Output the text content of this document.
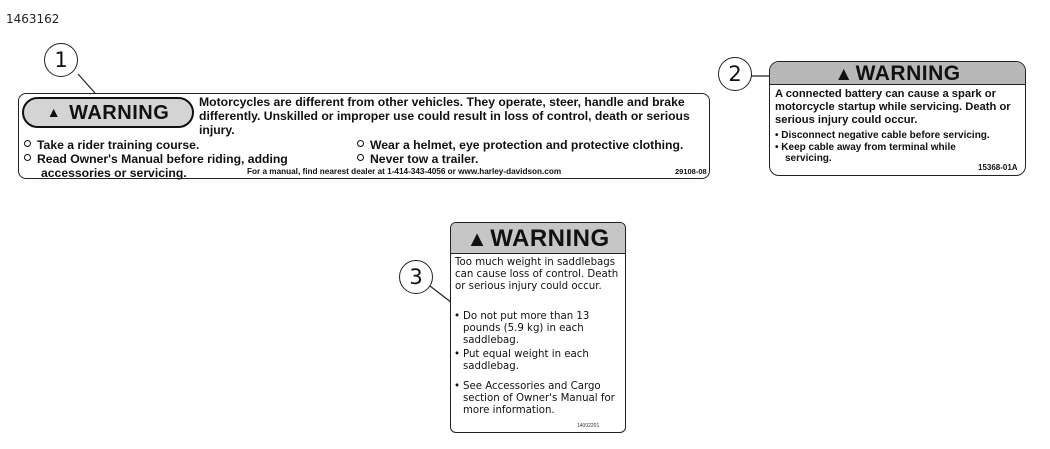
1463162
1
2
3
▲ WARNING	Motorcycles are different from other vehicles. They operate, steer, handle and brake differently. Unskilled or improper use could result in loss of control, death or serious injury.
Take a rider training course.
Read Owner's Manual before riding, adding
accessories or servicing.
Wear a helmet, eye protection and protective clothing.
Never tow a trailer.
For a manual, find nearest dealer at 1-414-343-4056 or www.harley-davidson.com	29108-08
▲WARNING
A connected battery can cause a spark or motorcycle startup while servicing. Death or serious injury could occur.
• Disconnect negative cable before servicing.
• Keep cable away from terminal while
servicing.
15368-01A
▲WARNING
Too much weight in saddlebags can cause loss of control. Death or serious injury could occur.
• Do not put more than 13 pounds (5.9 kg) in each saddlebag.
• Put equal weight in each saddlebag.
• See Accessories and Cargo section of Owner's Manual for more information.
14002201
